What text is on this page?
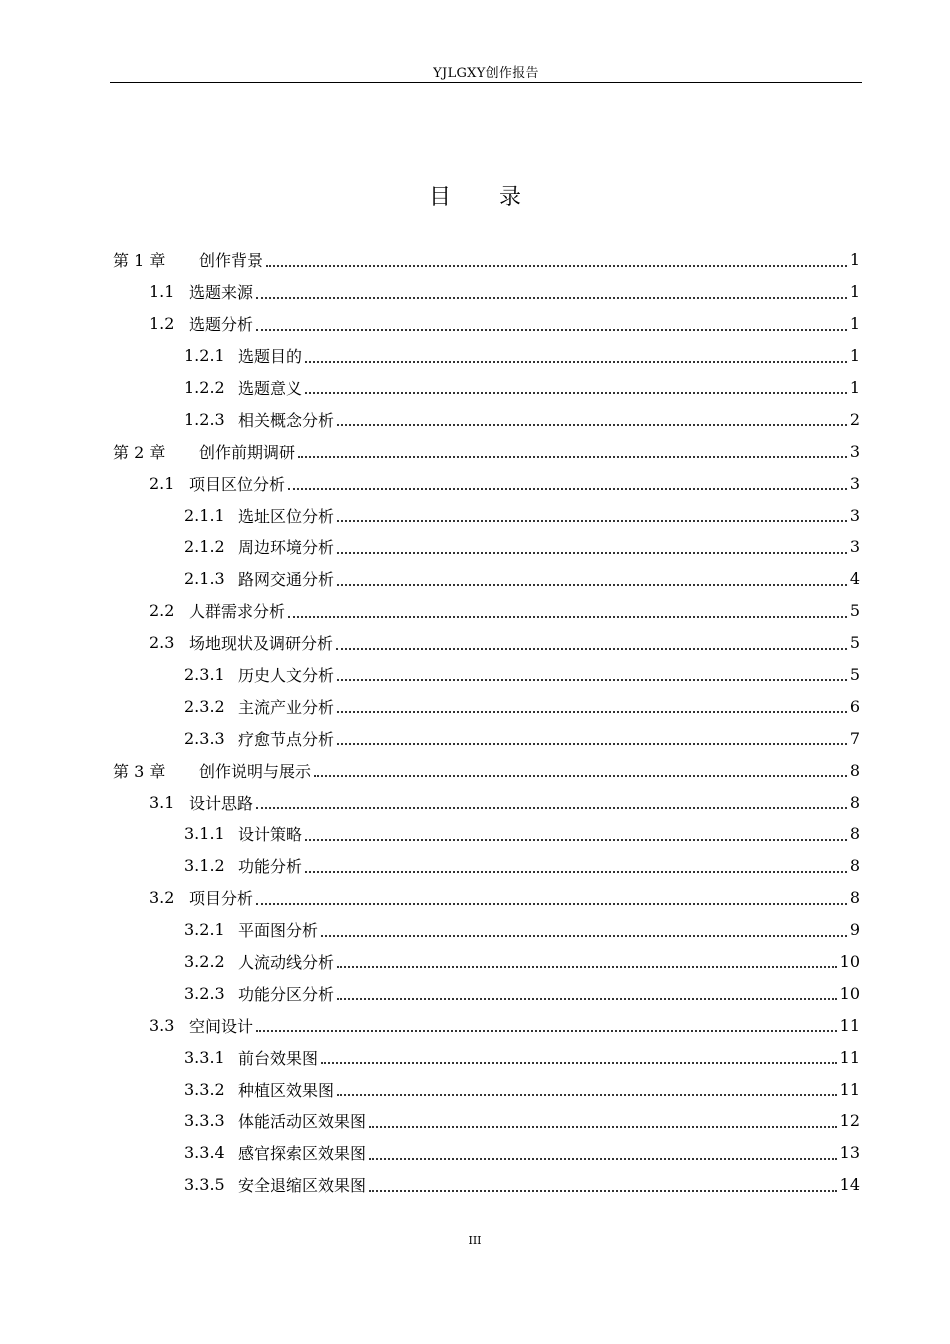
YJLGXY创作报告
目 录
第 1 章	创作背景	1
1.1 选题来源	1
1.2 选题分析	1
1.2.1 选题目的	1
1.2.2 选题意义	1
1.2.3 相关概念分析	2
第 2 章	创作前期调研	3
2.1 项目区位分析	3
2.1.1 选址区位分析	3
2.1.2 周边环境分析	3
2.1.3 路网交通分析	4
2.2 人群需求分析	5
2.3 场地现状及调研分析	5
2.3.1 历史人文分析	5
2.3.2 主流产业分析	6
2.3.3 疗愈节点分析	7
第 3 章	创作说明与展示	8
3.1 设计思路	8
3.1.1 设计策略	8
3.1.2 功能分析	8
3.2 项目分析	8
3.2.1 平面图分析	9
3.2.2 人流动线分析	10
3.2.3 功能分区分析	10
3.3 空间设计	11
3.3.1 前台效果图	11
3.3.2 种植区效果图	11
3.3.3 体能活动区效果图	12
3.3.4 感官探索区效果图	13
3.3.5 安全退缩区效果图	14
III
